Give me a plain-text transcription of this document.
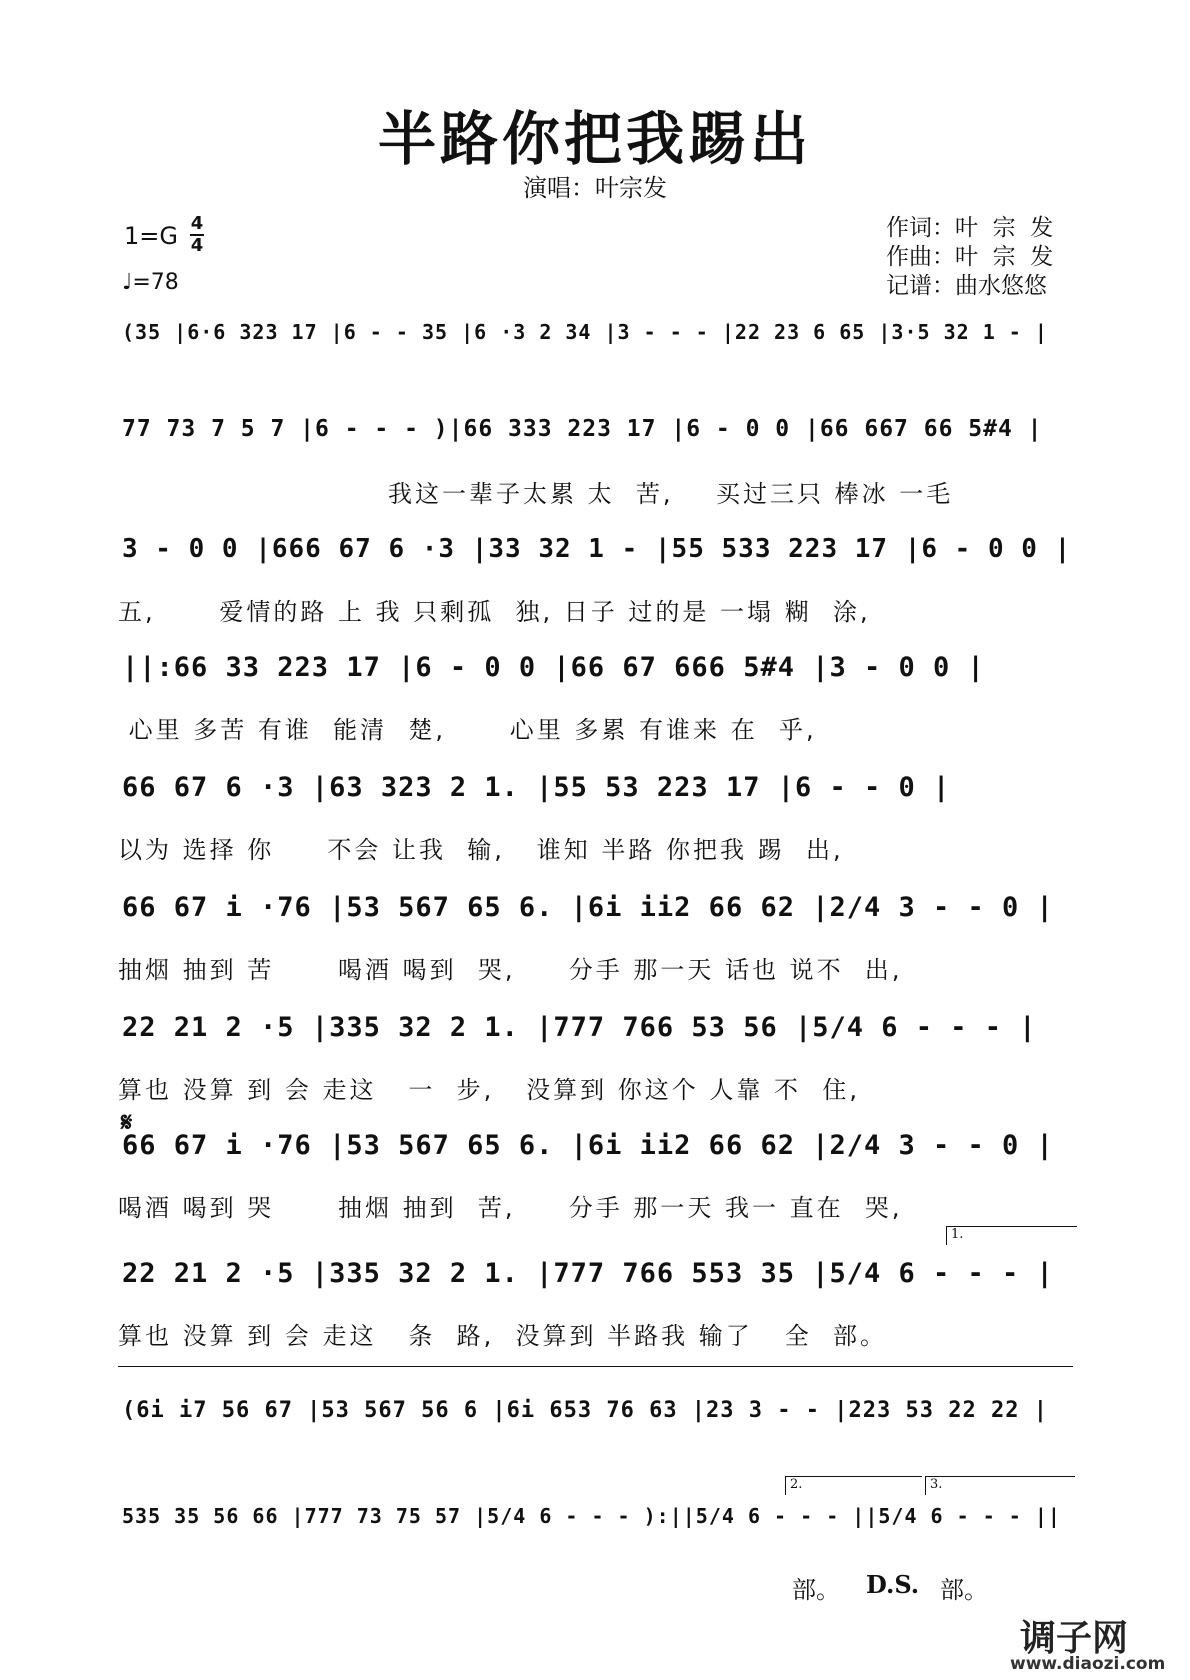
半路你把我踢出
演唱：叶宗发
1=G 4
4
♩=78
作词：叶  宗  发
作曲：叶  宗  发
记谱：曲水悠悠
(35 |6·6 323 17 |6 - - 35 |6 ·3 2 34 |3 - - - |22 23 6 65 |3·5 32 1 - |
77 73 7 5 7 |6 - - - )|66 333 223 17 |6 - 0 0 |66 667 66 5#4 |
我这一辈子太累 太  苦,    买过三只 棒冰 一毛
3 - 0 0 |666 67 6 ·3 |33 32 1 - |55 533 223 17 |6 - 0 0 |
五,      爱情的路 上 我 只剩孤  独, 日子 过的是 一塌 糊  涂,
||:66 33 223 17 |6 - 0 0 |66 67 666 5#4 |3 - 0 0 |
心里 多苦 有谁  能清  楚,      心里 多累 有谁来 在  乎,
66 67 6 ·3 |63 323 2 1. |55 53 223 17 |6 - - 0 |
以为 选择 你     不会 让我  输,   谁知 半路 你把我 踢  出,
66 67 i ·76 |53 567 65 6. |6i ii2 66 62 |2/4 3 - - 0 |
抽烟 抽到 苦      喝酒 喝到  哭,     分手 那一天 话也 说不  出,
22 21 2 ·5 |335 32 2 1. |777 766 53 56 |5/4 6 - - - |
算也 没算 到 会 走这   一  步,   没算到 你这个 人靠 不  住,
𝄋
66 67 i ·76 |53 567 65 6. |6i ii2 66 62 |2/4 3 - - 0 |
喝酒 喝到 哭      抽烟 抽到  苦,     分手 那一天 我一 直在  哭,
1.
22 21 2 ·5 |335 32 2 1. |777 766 553 35 |5/4 6 - - - |
算也 没算 到 会 走这   条  路,  没算到 半路我 输了   全  部。
(6i i7 56 67 |53 567 56 6 |6i 653 76 63 |23 3 - - |223 53 22 22 |
2.	3.
535 35 56 66 |777 73 75 57 |5/4 6 - - - ):||5/4 6 - - - ||5/4 6 - - - ||
部。 D.S. 部。
调子网
www.diaozi.com
